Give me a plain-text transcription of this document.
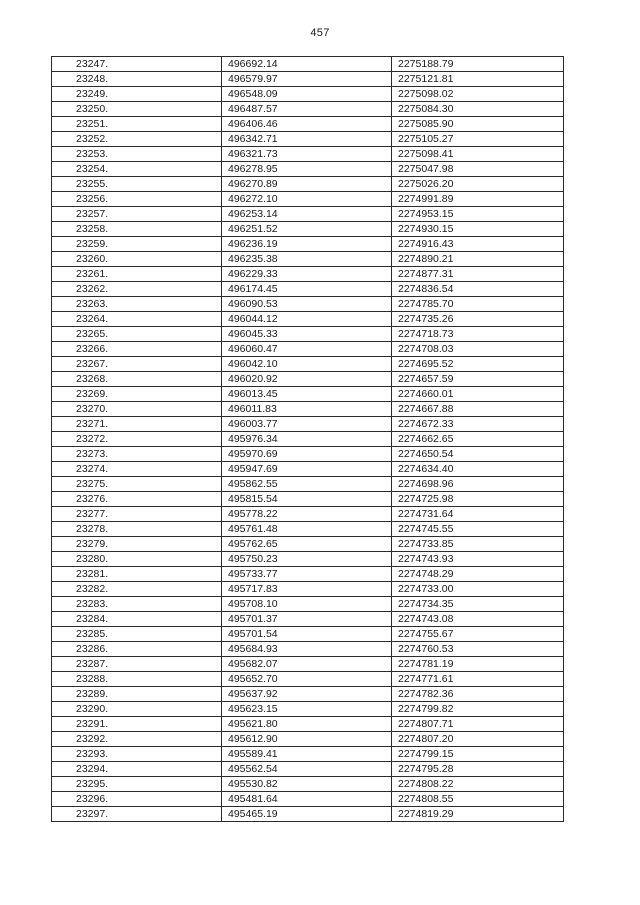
457
23247.	496692.14	2275188.79
23248.	496579.97	2275121.81
23249.	496548.09	2275098.02
23250.	496487.57	2275084.30
23251.	496406.46	2275085.90
23252.	496342.71	2275105.27
23253.	496321.73	2275098.41
23254.	496278.95	2275047.98
23255.	496270.89	2275026.20
23256.	496272.10	2274991.89
23257.	496253.14	2274953.15
23258.	496251.52	2274930.15
23259.	496236.19	2274916.43
23260.	496235.38	2274890.21
23261.	496229.33	2274877.31
23262.	496174.45	2274836.54
23263.	496090.53	2274785.70
23264.	496044.12	2274735.26
23265.	496045.33	2274718.73
23266.	496060.47	2274708.03
23267.	496042.10	2274695.52
23268.	496020.92	2274657.59
23269.	496013.45	2274660.01
23270.	496011.83	2274667.88
23271.	496003.77	2274672.33
23272.	495976.34	2274662.65
23273.	495970.69	2274650.54
23274.	495947.69	2274634.40
23275.	495862.55	2274698.96
23276.	495815.54	2274725.98
23277.	495778.22	2274731.64
23278.	495761.48	2274745.55
23279.	495762.65	2274733.85
23280.	495750.23	2274743.93
23281.	495733.77	2274748.29
23282.	495717.83	2274733.00
23283.	495708.10	2274734.35
23284.	495701.37	2274743.08
23285.	495701.54	2274755.67
23286.	495684.93	2274760.53
23287.	495682.07	2274781.19
23288.	495652.70	2274771.61
23289.	495637.92	2274782.36
23290.	495623.15	2274799.82
23291.	495621.80	2274807.71
23292.	495612.90	2274807.20
23293.	495589.41	2274799.15
23294.	495562.54	2274795.28
23295.	495530.82	2274808.22
23296.	495481.64	2274808.55
23297.	495465.19	2274819.29
